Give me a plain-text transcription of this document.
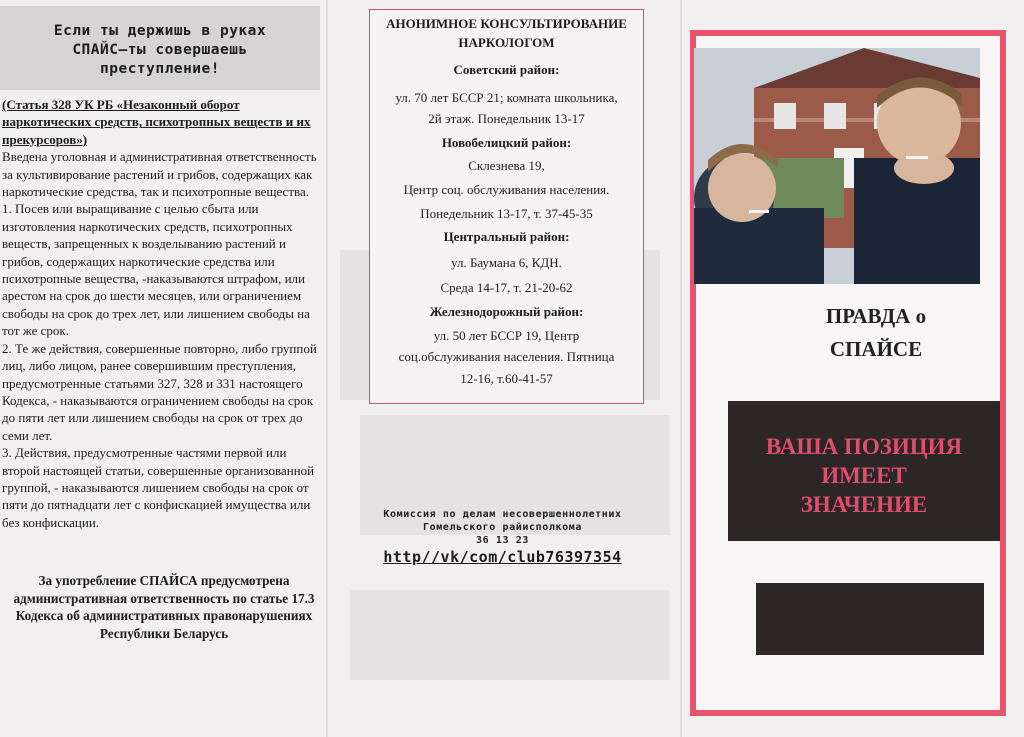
Если ты держишь в руках
СПАЙС—ты совершаешь
преступление!

(Статья 328 УК РБ «Незаконный оборот наркотических средств, психотропных веществ и их прекурсоров»)

Введена уголовная и административная ответственность за культивирование растений и грибов, содержащих как наркотические средства, так и психотропные вещества.

1. Посев или выращивание с целью сбыта или изготовления наркотических средств, психотропных веществ, запрещенных к возделыванию растений и грибов, содержащих наркотические средства или психотропные вещества, -наказываются штрафом, или арестом на срок до шести месяцев, или ограничением свободы на срок до трех лет, или лишением свободы на тот же срок.

2. Те же действия, совершенные повторно, либо группой лиц, либо лицом, ранее совершившим преступления, предусмотренные статьями 327, 328 и 331 настоящего Кодекса, - наказываются ограничением свободы на срок до пяти лет или лишением свободы на срок от трех до семи лет.

3. Действия, предусмотренные частями первой или второй настоящей статьи, совершенные организованной группой, - наказываются лишением свободы на срок от пяти до пятнадцати лет с конфискацией имущества или без конфискации.

За употребление СПАЙСА предусмотрена административная ответственность по статье 17.3 Кодекса об административных правонарушениях Республики Беларусь
АНОНИМНОЕ КОНСУЛЬТИРОВАНИЕ НАРКОЛОГОМ
Советский район:
ул. 70 лет БССР 21; комната школьника,
2й этаж. Понедельник 13-17
Новобелицкий район:
Склезнева 19,
Центр соц. обслуживания населения.
Понедельник 13-17, т. 37-45-35
Центральный район:
ул. Баумана 6, КДН.
Среда 14-17, т. 21-20-62
Железнодорожный район:
ул. 50 лет БССР 19, Центр
соц.обслуживания населения. Пятница
12-16, т.60-41-57
Комиссия по делам несовершеннолетних
Гомельского райисполкома
36 13 23
http//vk/com/club76397354
ПРАВДА о
СПАЙСЕ
ВАША ПОЗИЦИЯ
ИМЕЕТ
ЗНАЧЕНИЕ
